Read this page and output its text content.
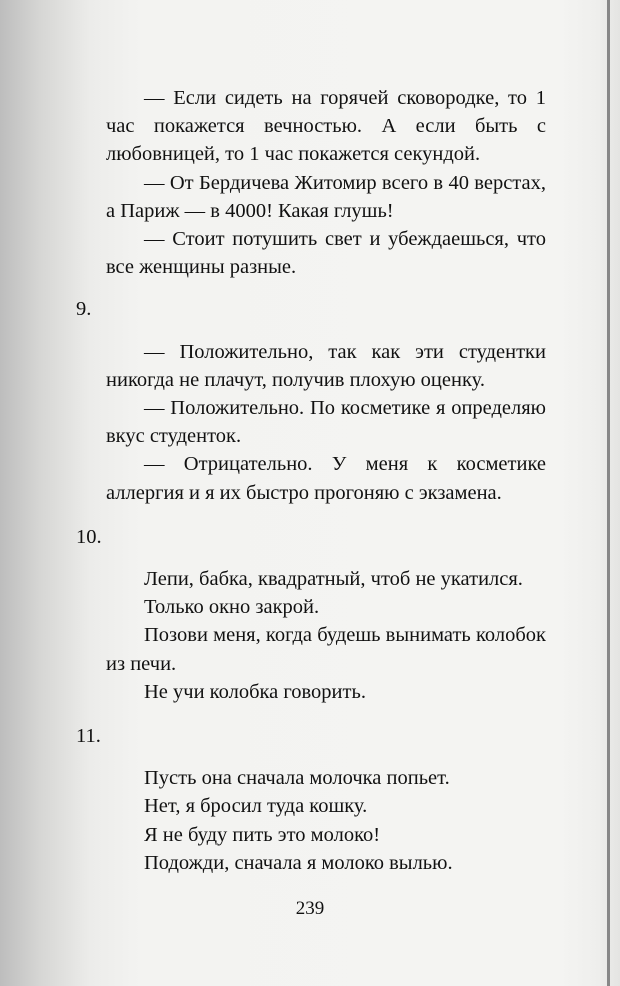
— Если сидеть на горячей сковородке, то 1 час покажется вечностью. А если быть с любовницей, то 1 час покажется секундой.

— От Бердичева Житомир всего в 40 верстах, а Париж — в 4000! Какая глушь!

— Стоит потушить свет и убеждаешься, что все женщины разные.

9.

— Положительно, так как эти студентки никогда не плачут, получив плохую оценку.

— Положительно. По косметике я определяю вкус студенток.

— Отрицательно. У меня к косметике аллергия и я их быстро прогоняю с экзамена.

10.

Лепи, бабка, квадратный, чтоб не укатился.

Только окно закрой.

Позови меня, когда будешь вынимать колобок из печи.

Не учи колобка говорить.

11.

Пусть она сначала молочка попьет.

Нет, я бросил туда кошку.

Я не буду пить это молоко!

Подожди, сначала я молоко вылью.

239
